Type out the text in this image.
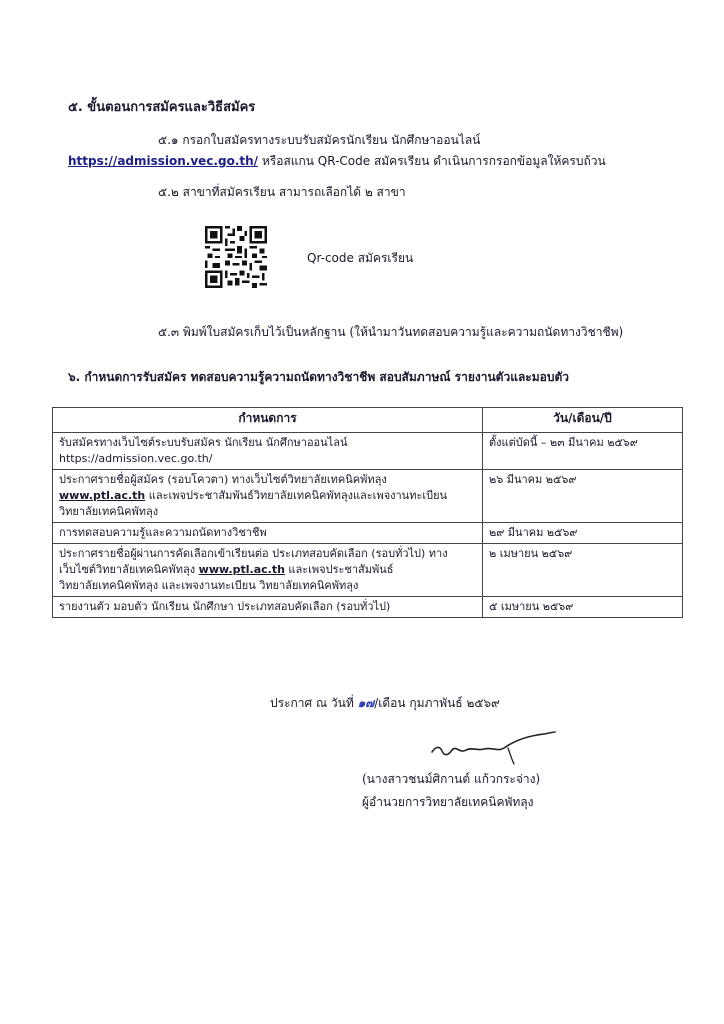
๕. ขั้นตอนการสมัครและวิธีสมัคร
๕.๑ กรอกใบสมัครทางระบบรับสมัครนักเรียน นักศึกษาออนไลน์
https://admission.vec.go.th/ หรือสแกน QR-Code สมัครเรียน ดำเนินการกรอกข้อมูลให้ครบถ้วน
๕.๒ สาขาที่สมัครเรียน สามารถเลือกได้ ๒ สาขา
Qr-code สมัครเรียน
๕.๓ พิมพ์ใบสมัครเก็บไว้เป็นหลักฐาน (ให้นำมาวันทดสอบความรู้และความถนัดทางวิชาชีพ)
๖. กำหนดการรับสมัคร ทดสอบความรู้ความถนัดทางวิชาชีพ สอบสัมภาษณ์ รายงานตัวและมอบตัว
กำหนดการ	วัน/เดือน/ปี

รับสมัครทางเว็บไซต์ระบบรับสมัคร นักเรียน นักศึกษาออนไลน์
https://admission.vec.go.th/	ตั้งแต่บัดนี้ – ๒๓ มีนาคม ๒๕๖๙

ประกาศรายชื่อผู้สมัคร (รอบโควตา) ทางเว็บไซต์วิทยาลัยเทคนิคพัทลุง
www.ptl.ac.th และเพจประชาสัมพันธ์วิทยาลัยเทคนิคพัทลุงและเพจงานทะเบียน
วิทยาลัยเทคนิคพัทลุง	๒๖ มีนาคม ๒๕๖๙

การทดสอบความรู้และความถนัดทางวิชาชีพ	๒๙ มีนาคม ๒๕๖๙

ประกาศรายชื่อผู้ผ่านการคัดเลือกเข้าเรียนต่อ ประเภทสอบคัดเลือก (รอบทั่วไป) ทาง
เว็บไซต์วิทยาลัยเทคนิคพัทลุง www.ptl.ac.th และเพจประชาสัมพันธ์
วิทยาลัยเทคนิคพัทลุง และเพจงานทะเบียน วิทยาลัยเทคนิคพัทลุง	๒ เมษายน ๒๕๖๙

รายงานตัว มอบตัว นักเรียน นักศึกษา ประเภทสอบคัดเลือก (รอบทั่วไป)	๕ เมษายน ๒๕๖๙
ประกาศ ณ วันที่ ๑๗/เดือน กุมภาพันธ์ ๒๕๖๙
(นางสาวชนม์ศิกานต์ แก้วกระจ่าง)
ผู้อำนวยการวิทยาลัยเทคนิคพัทลุง
